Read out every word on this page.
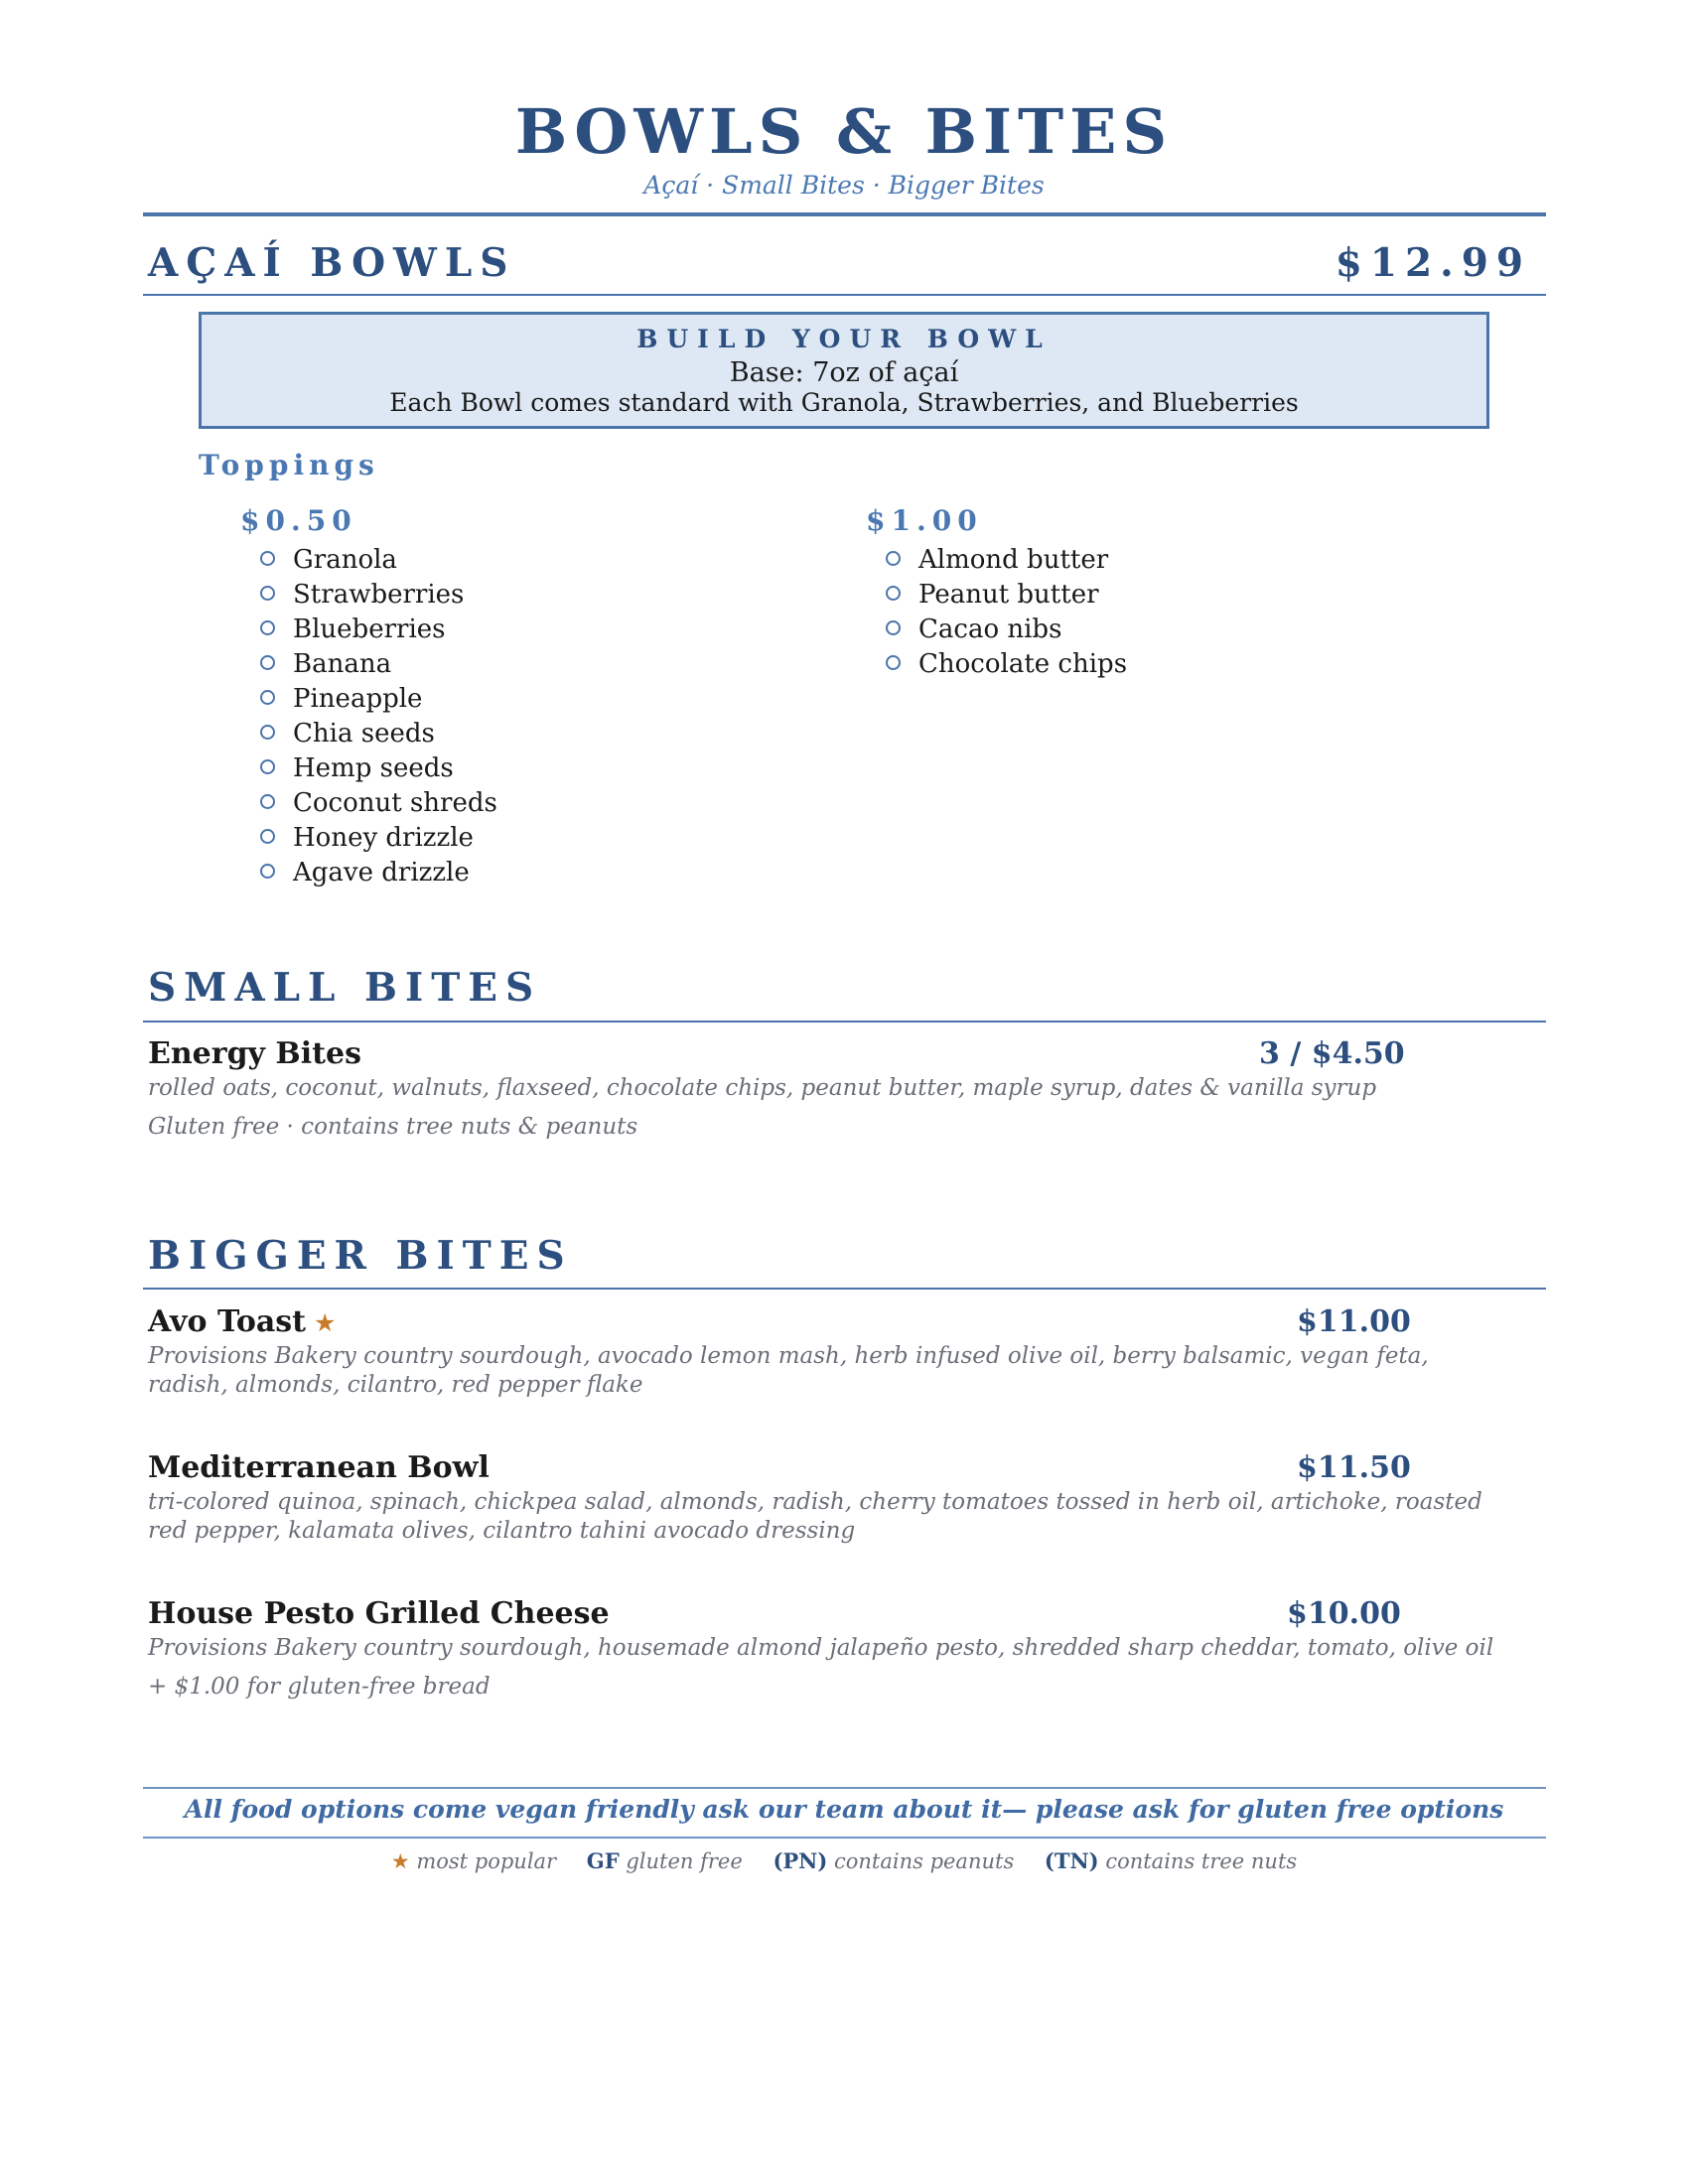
BOWLS & BITES
Açaí · Small Bites · Bigger Bites
AÇAÍ BOWLS	$12.99
BUILD YOUR BOWL
Base: 7oz of açaí
Each Bowl comes standard with Granola, Strawberries, and Blueberries
Toppings
$0.50
Granola
Strawberries
Blueberries
Banana
Pineapple
Chia seeds
Hemp seeds
Coconut shreds
Honey drizzle
Agave drizzle
$1.00
Almond butter
Peanut butter
Cacao nibs
Chocolate chips
SMALL BITES
Energy Bites	3 / $4.50
rolled oats, coconut, walnuts, flaxseed, chocolate chips, peanut butter, maple syrup, dates & vanilla syrup
Gluten free · contains tree nuts & peanuts
BIGGER BITES
Avo Toast ★	$11.00
Provisions Bakery country sourdough, avocado lemon mash, herb infused olive oil, berry balsamic, vegan feta, radish, almonds, cilantro, red pepper flake
Mediterranean Bowl	$11.50
tri-colored quinoa, spinach, chickpea salad, almonds, radish, cherry tomatoes tossed in herb oil, artichoke, roasted red pepper, kalamata olives, cilantro tahini avocado dressing
House Pesto Grilled Cheese	$10.00
Provisions Bakery country sourdough, housemade almond jalapeño pesto, shredded sharp cheddar, tomato, olive oil
+ $1.00 for gluten-free bread
All food options come vegan friendly ask our team about it— please ask for gluten free options
★ most popular GF gluten free (PN) contains peanuts (TN) contains tree nuts
